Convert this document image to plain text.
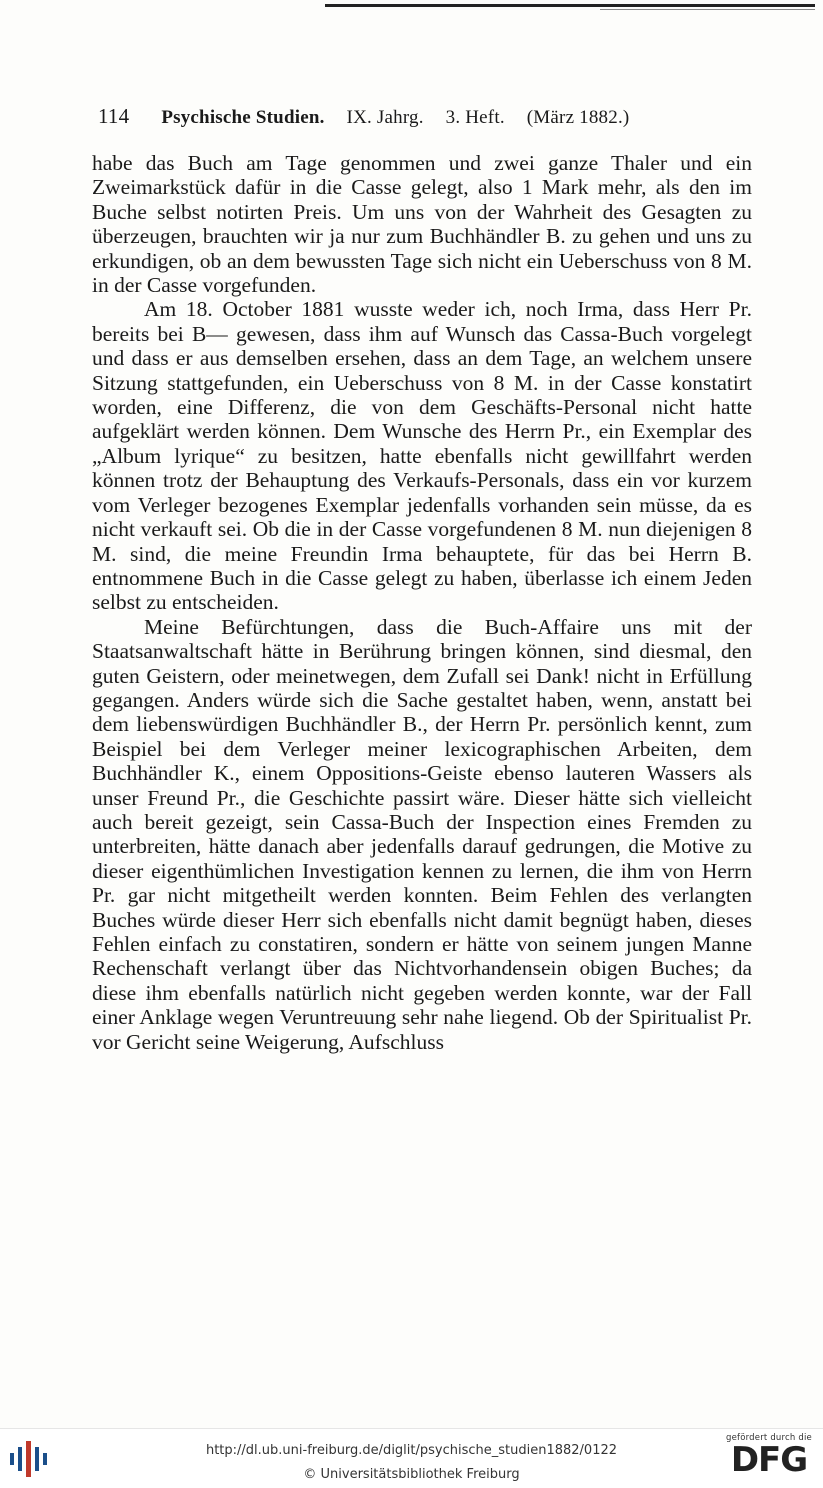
114 Psychische Studien. IX. Jahrg. 3. Heft. (März 1882.)

habe das Buch am Tage genommen und zwei ganze Thaler und ein Zweimarkstück dafür in die Casse gelegt, also 1 Mark mehr, als den im Buche selbst notirten Preis. Um uns von der Wahrheit des Gesagten zu überzeugen, brauchten wir ja nur zum Buchhändler B. zu gehen und uns zu erkundigen, ob an dem bewussten Tage sich nicht ein Ueberschuss von 8 M. in der Casse vorgefunden.

Am 18. October 1881 wusste weder ich, noch Irma, dass Herr Pr. bereits bei B— gewesen, dass ihm auf Wunsch das Cassa-Buch vorgelegt und dass er aus demselben ersehen, dass an dem Tage, an welchem unsere Sitzung stattgefunden, ein Ueberschuss von 8 M. in der Casse konstatirt worden, eine Differenz, die von dem Geschäfts-Personal nicht hatte aufgeklärt werden können. Dem Wunsche des Herrn Pr., ein Exemplar des „Album lyrique“ zu besitzen, hatte ebenfalls nicht gewillfahrt werden können trotz der Behauptung des Verkaufs-Personals, dass ein vor kurzem vom Verleger bezogenes Exemplar jedenfalls vorhanden sein müsse, da es nicht verkauft sei. Ob die in der Casse vorgefundenen 8 M. nun diejenigen 8 M. sind, die meine Freundin Irma behauptete, für das bei Herrn B. entnommene Buch in die Casse gelegt zu haben, überlasse ich einem Jeden selbst zu entscheiden.

Meine Befürchtungen, dass die Buch-Affaire uns mit der Staatsanwaltschaft hätte in Berührung bringen können, sind diesmal, den guten Geistern, oder meinetwegen, dem Zufall sei Dank! nicht in Erfüllung gegangen. Anders würde sich die Sache gestaltet haben, wenn, anstatt bei dem liebenswürdigen Buchhändler B., der Herrn Pr. persönlich kennt, zum Beispiel bei dem Verleger meiner lexicographischen Arbeiten, dem Buchhändler K., einem Oppositions-Geiste ebenso lauteren Wassers als unser Freund Pr., die Geschichte passirt wäre. Dieser hätte sich vielleicht auch bereit gezeigt, sein Cassa-Buch der Inspection eines Fremden zu unterbreiten, hätte danach aber jedenfalls darauf gedrungen, die Motive zu dieser eigenthümlichen Investigation kennen zu lernen, die ihm von Herrn Pr. gar nicht mitgetheilt werden konnten. Beim Fehlen des verlangten Buches würde dieser Herr sich ebenfalls nicht damit begnügt haben, dieses Fehlen einfach zu constatiren, sondern er hätte von seinem jungen Manne Rechenschaft verlangt über das Nichtvorhandensein obigen Buches; da diese ihm ebenfalls natürlich nicht gegeben werden konnte, war der Fall einer Anklage wegen Veruntreuung sehr nahe liegend. Ob der Spiritualist Pr. vor Gericht seine Weigerung, Aufschluss

http://dl.ub.uni-freiburg.de/diglit/psychische_studien1882/0122
© Universitätsbibliothek Freiburg
gefördert durch die
DFG
